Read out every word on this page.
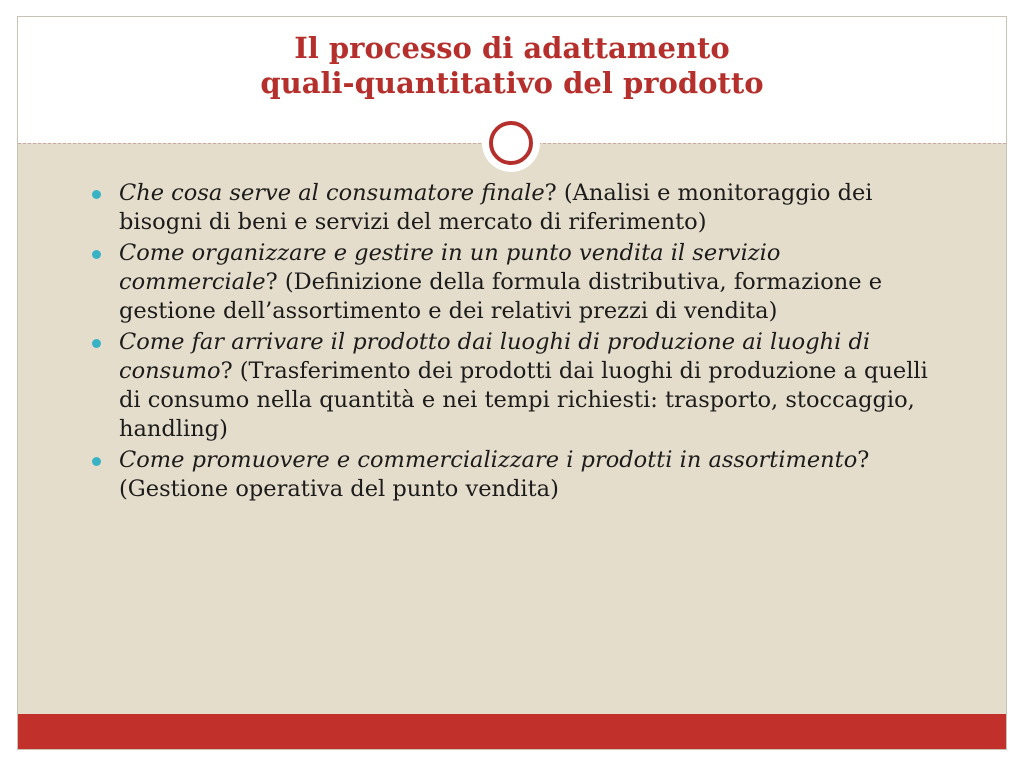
Il processo di adattamento
quali-quantitativo del prodotto
Che cosa serve al consumatore finale? (Analisi e monitoraggio dei bisogni di beni e servizi del mercato di riferimento)
Come organizzare e gestire in un punto vendita il servizio commerciale? (Definizione della formula distributiva, formazione e gestione dell’assortimento e dei relativi prezzi di vendita)
Come far arrivare il prodotto dai luoghi di produzione ai luoghi di consumo? (Trasferimento dei prodotti dai luoghi di produzione a quelli di consumo nella quantità e nei tempi richiesti: trasporto, stoccaggio, handling)
Come promuovere e commercializzare i prodotti in assortimento? (Gestione operativa del punto vendita)
